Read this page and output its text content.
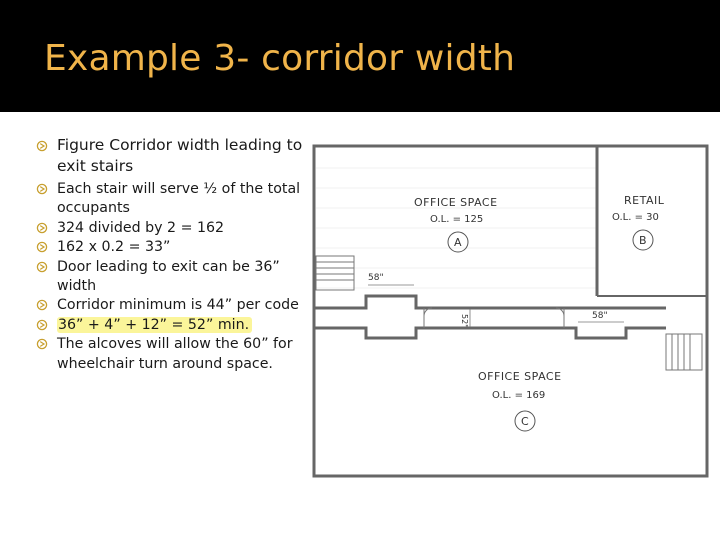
Example 3- corridor width
Figure Corridor width leading to exit stairs
Each stair will serve ½ of the total occupants
324 divided by 2 = 162
162 x 0.2 = 33”
Door leading to exit can be 36” width
Corridor minimum is 44” per code
36” + 4” + 12” = 52” min.
The alcoves will allow the 60” for wheelchair turn around space.
OFFICE SPACE
O.L. = 125
A
RETAIL
O.L. = 30
B
OFFICE SPACE
O.L. = 169
C
58"
58"
52"
